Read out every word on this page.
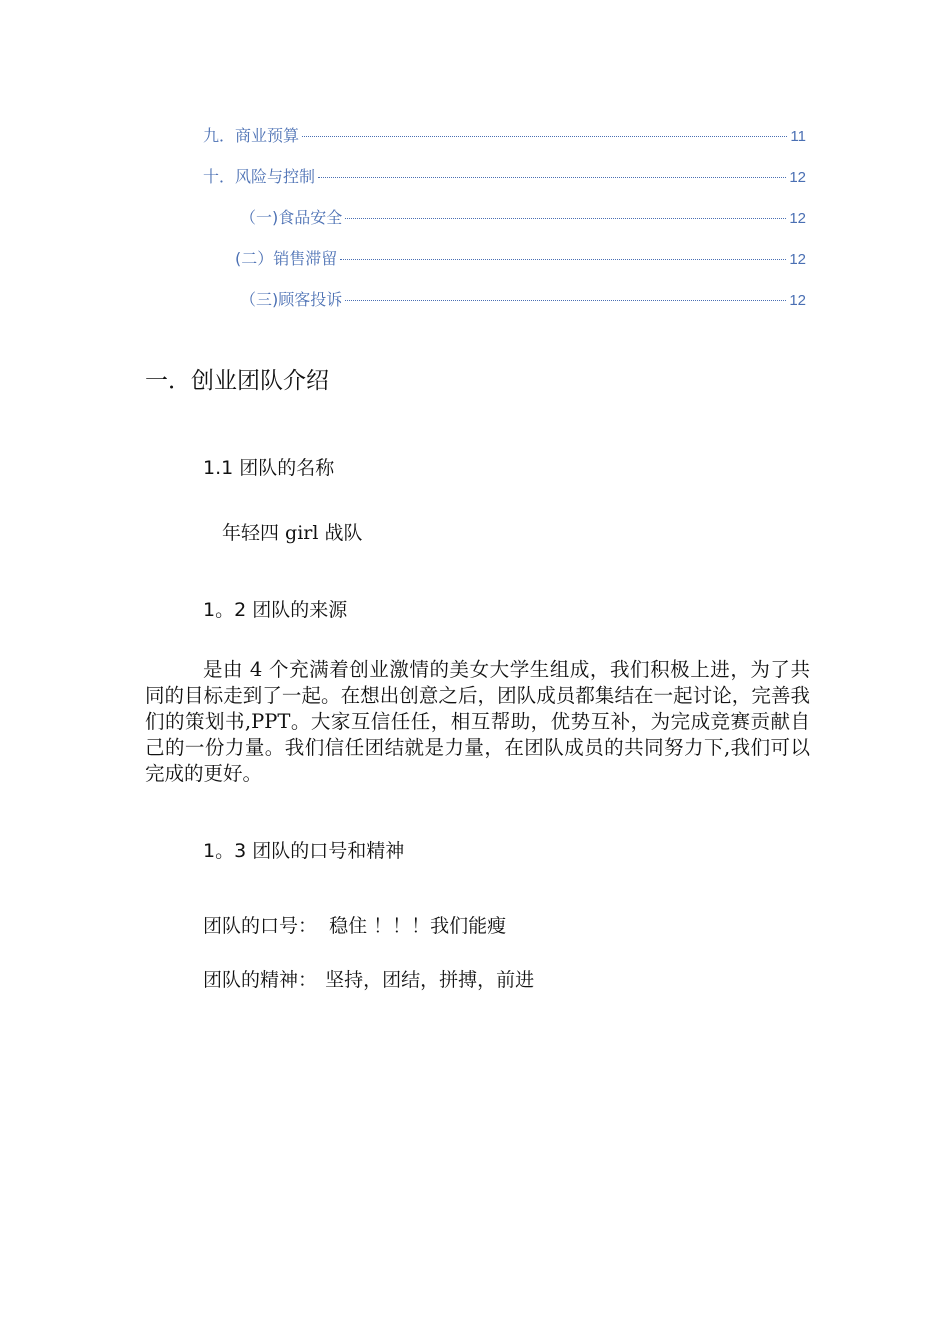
九．商业预算	11
十．风险与控制	12
（一)食品安全	12
(二）销售滞留	12
（三)顾客投诉	12
一．创业团队介绍
1.1 团队的名称
年轻四 girl 战队
1。2 团队的来源
是由 4 个充满着创业激情的美女大学生组成，我们积极上进，为了共同的目标走到了一起。在想出创意之后，团队成员都集结在一起讨论，完善我们的策划书,PPT。大家互信任任，相互帮助，优势互补，为完成竞赛贡献自己的一份力量。我们信任团结就是力量，在团队成员的共同努力下,我们可以完成的更好。
1。3 团队的口号和精神
团队的口号： 稳住 ！！！我们能瘦
团队的精神： 坚持，团结，拼搏，前进
